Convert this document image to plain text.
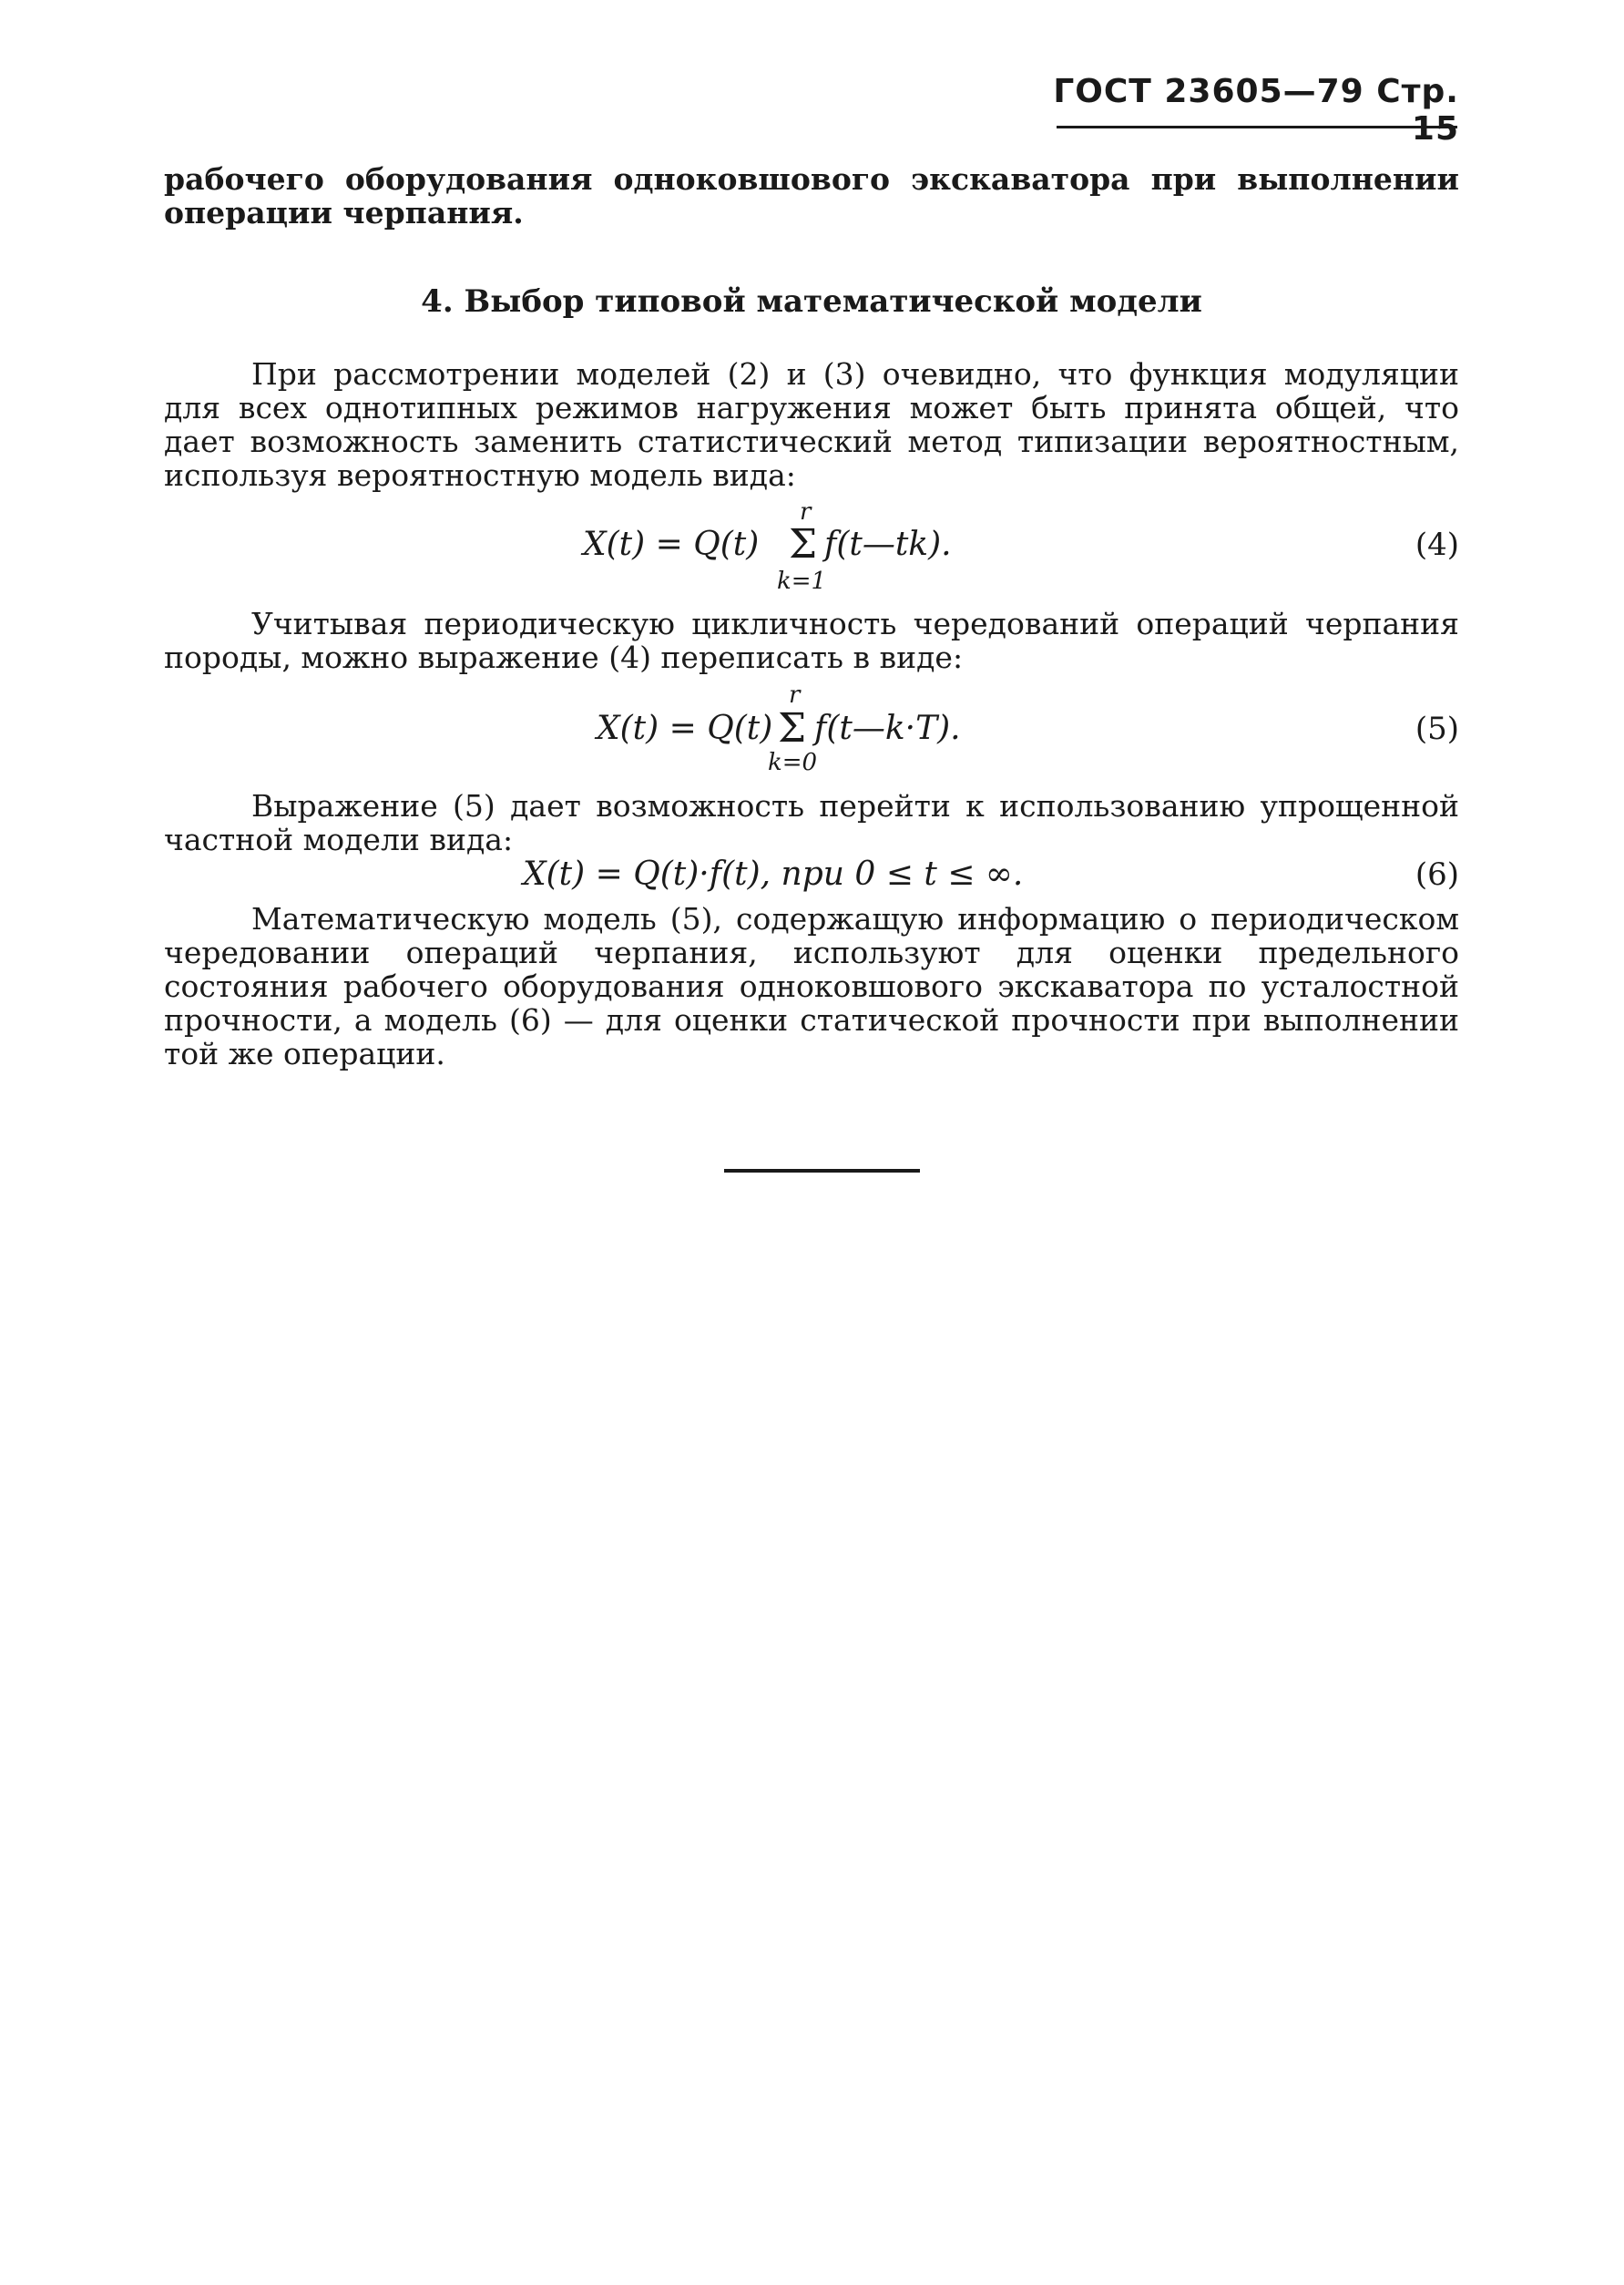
ГОСТ 23605—79 Стр. 15
рабочего оборудования одноковшового экскаватора при выполнении операции черпания.
4. Выбор типовой математической модели
При рассмотрении моделей (2) и (3) очевидно, что функция модуляции для всех однотипных режимов нагружения может быть принята общей, что дает возможность заменить статистический метод типизации вероятностным, используя вероятностную модель вида:
X(t) = Q(t)
r
Σ
k=1
f(t—tk).	(4)
Учитывая периодическую цикличность чередований операций черпания породы, можно выражение (4) переписать в виде:
X(t) = Q(t)
r
Σ
k=0
f(t—k·T).	(5)
Выражение (5) дает возможность перейти к использованию упрощенной частной модели вида:
X(t) = Q(t)·f(t), при 0 ≤ t ≤ ∞.	(6)
Математическую модель (5), содержащую информацию о периодическом чередовании операций черпания, используют для оценки предельного состояния рабочего оборудования одноковшового экскаватора по усталостной прочности, а модель (6) — для оценки статической прочности при выполнении той же операции.
